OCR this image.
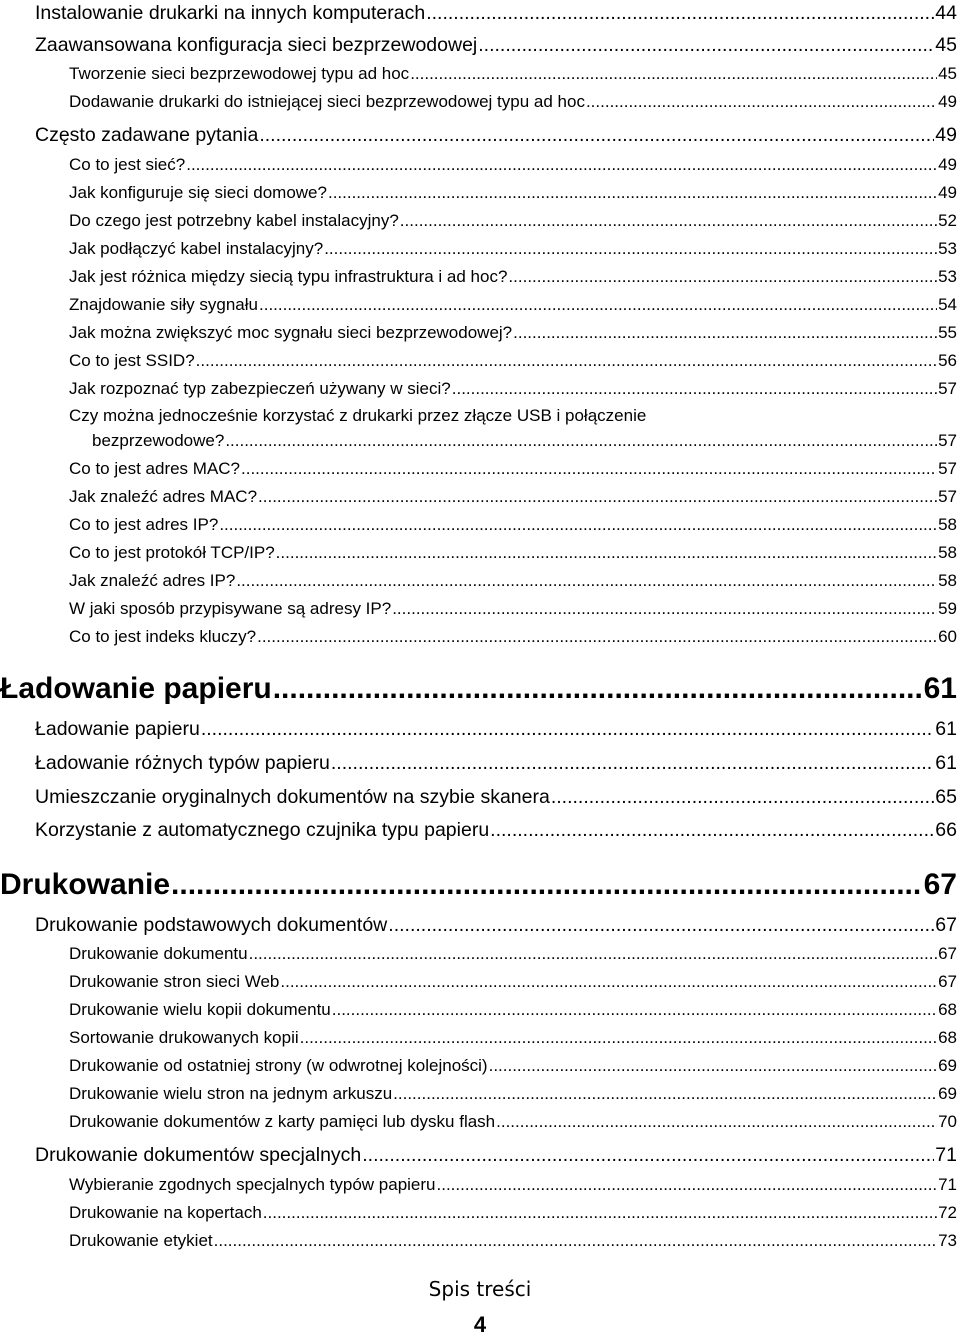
Instalowanie drukarki na innych komputerach .....	44
Zaawansowana konfiguracja sieci bezprzewodowej .....	45
Tworzenie sieci bezprzewodowej typu ad hoc .....	45
Dodawanie drukarki do istniejącej sieci bezprzewodowej typu ad hoc .....	49
Często zadawane pytania .....	49
Co to jest sieć? .....	49
Jak konfiguruje się sieci domowe? .....	49
Do czego jest potrzebny kabel instalacyjny? .....	52
Jak podłączyć kabel instalacyjny? .....	53
Jak jest różnica między siecią typu infrastruktura i ad hoc? .....	53
Znajdowanie siły sygnału .....	54
Jak można zwiększyć moc sygnału sieci bezprzewodowej? .....	55
Co to jest SSID? .....	56
Jak rozpoznać typ zabezpieczeń używany w sieci? .....	57
Czy można jednocześnie korzystać z drukarki przez złącze USB i połączenie
bezprzewodowe? .....	57
Co to jest adres MAC? .....	57
Jak znaleźć adres MAC? .....	57
Co to jest adres IP? .....	58
Co to jest protokół TCP/IP? .....	58
Jak znaleźć adres IP? .....	58
W jaki sposób przypisywane są adresy IP? .....	59
Co to jest indeks kluczy? .....	60
Ładowanie papieru .....	61
Ładowanie papieru .....	61
Ładowanie różnych typów papieru .....	61
Umieszczanie oryginalnych dokumentów na szybie skanera .....	65
Korzystanie z automatycznego czujnika typu papieru .....	66
Drukowanie .....	67
Drukowanie podstawowych dokumentów .....	67
Drukowanie dokumentu .....	67
Drukowanie stron sieci Web .....	67
Drukowanie wielu kopii dokumentu .....	68
Sortowanie drukowanych kopii .....	68
Drukowanie od ostatniej strony (w odwrotnej kolejności) .....	69
Drukowanie wielu stron na jednym arkuszu .....	69
Drukowanie dokumentów z karty pamięci lub dysku flash .....	70
Drukowanie dokumentów specjalnych .....	71
Wybieranie zgodnych specjalnych typów papieru .....	71
Drukowanie na kopertach .....	72
Drukowanie etykiet .....	73
Spis treści
4
